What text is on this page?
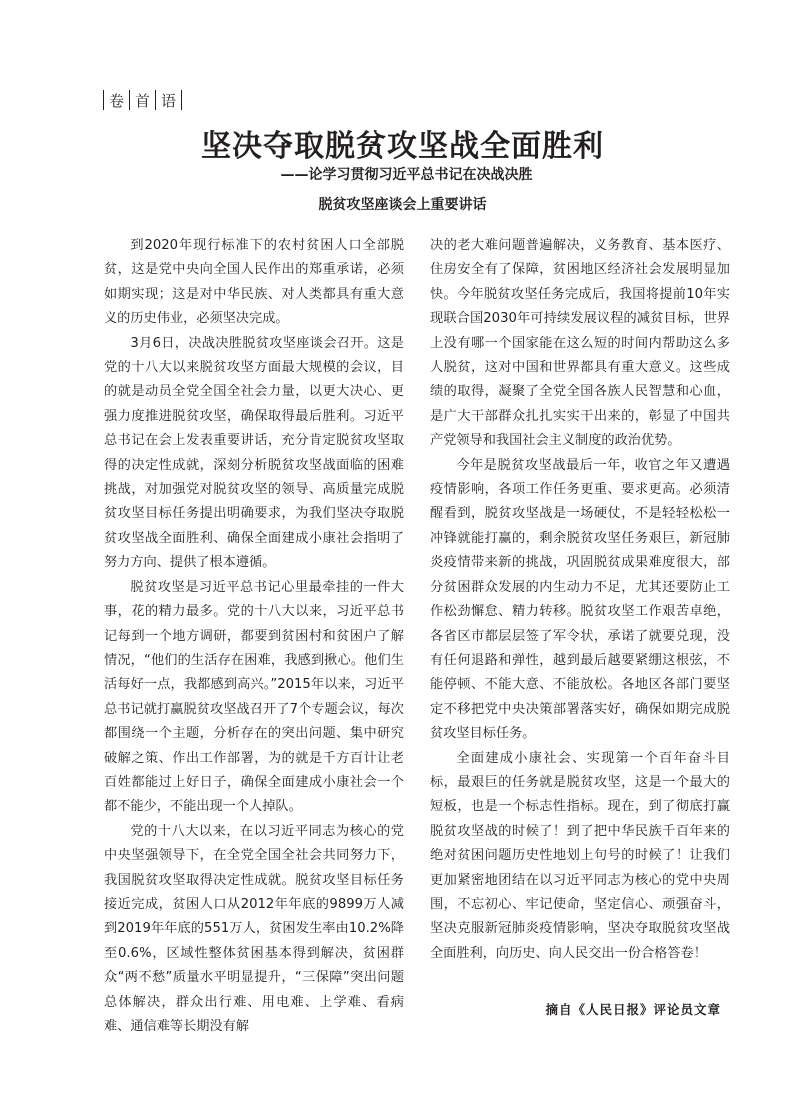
卷 首 语
坚决夺取脱贫攻坚战全面胜利
——论学习贯彻习近平总书记在决战决胜
脱贫攻坚座谈会上重要讲话

到2020年现行标准下的农村贫困人口全部脱贫，这是党中央向全国人民作出的郑重承诺，必须如期实现；这是对中华民族、对人类都具有重大意义的历史伟业，必须坚决完成。

3月6日，决战决胜脱贫攻坚座谈会召开。这是党的十八大以来脱贫攻坚方面最大规模的会议，目的就是动员全党全国全社会力量，以更大决心、更强力度推进脱贫攻坚，确保取得最后胜利。习近平总书记在会上发表重要讲话，充分肯定脱贫攻坚取得的决定性成就，深刻分析脱贫攻坚战面临的困难挑战，对加强党对脱贫攻坚的领导、高质量完成脱贫攻坚目标任务提出明确要求，为我们坚决夺取脱贫攻坚战全面胜利、确保全面建成小康社会指明了努力方向、提供了根本遵循。

脱贫攻坚是习近平总书记心里最牵挂的一件大事，花的精力最多。党的十八大以来，习近平总书记每到一个地方调研，都要到贫困村和贫困户了解情况，“他们的生活存在困难，我感到揪心。他们生活每好一点，我都感到高兴。”2015年以来，习近平总书记就打赢脱贫攻坚战召开了7个专题会议，每次都围绕一个主题，分析存在的突出问题、集中研究破解之策、作出工作部署，为的就是千方百计让老百姓都能过上好日子，确保全面建成小康社会一个都不能少，不能出现一个人掉队。

党的十八大以来，在以习近平同志为核心的党中央坚强领导下，在全党全国全社会共同努力下，我国脱贫攻坚取得决定性成就。脱贫攻坚目标任务接近完成，贫困人口从2012年年底的9899万人减到2019年年底的551万人，贫困发生率由10.2%降至0.6%，区域性整体贫困基本得到解决，贫困群众“两不愁”质量水平明显提升，“三保障”突出问题总体解决，群众出行难、用电难、上学难、看病难、通信难等长期没有解

决的老大难问题普遍解决，义务教育、基本医疗、住房安全有了保障，贫困地区经济社会发展明显加快。今年脱贫攻坚任务完成后，我国将提前10年实现联合国2030年可持续发展议程的减贫目标，世界上没有哪一个国家能在这么短的时间内帮助这么多人脱贫，这对中国和世界都具有重大意义。这些成绩的取得，凝聚了全党全国各族人民智慧和心血，是广大干部群众扎扎实实干出来的，彰显了中国共产党领导和我国社会主义制度的政治优势。

今年是脱贫攻坚战最后一年，收官之年又遭遇疫情影响，各项工作任务更重、要求更高。必须清醒看到，脱贫攻坚战是一场硬仗，不是轻轻松松一冲锋就能打赢的，剩余脱贫攻坚任务艰巨，新冠肺炎疫情带来新的挑战，巩固脱贫成果难度很大，部分贫困群众发展的内生动力不足，尤其还要防止工作松劲懈怠、精力转移。脱贫攻坚工作艰苦卓绝，各省区市都层层签了军令状，承诺了就要兑现，没有任何退路和弹性，越到最后越要紧绷这根弦，不能停顿、不能大意、不能放松。各地区各部门要坚定不移把党中央决策部署落实好，确保如期完成脱贫攻坚目标任务。

全面建成小康社会、实现第一个百年奋斗目标，最艰巨的任务就是脱贫攻坚，这是一个最大的短板，也是一个标志性指标。现在，到了彻底打赢脱贫攻坚战的时候了！到了把中华民族千百年来的绝对贫困问题历史性地划上句号的时候了！让我们更加紧密地团结在以习近平同志为核心的党中央周围，不忘初心、牢记使命，坚定信心、顽强奋斗，坚决克服新冠肺炎疫情影响，坚决夺取脱贫攻坚战全面胜利，向历史、向人民交出一份合格答卷！

摘自《人民日报》评论员文章
